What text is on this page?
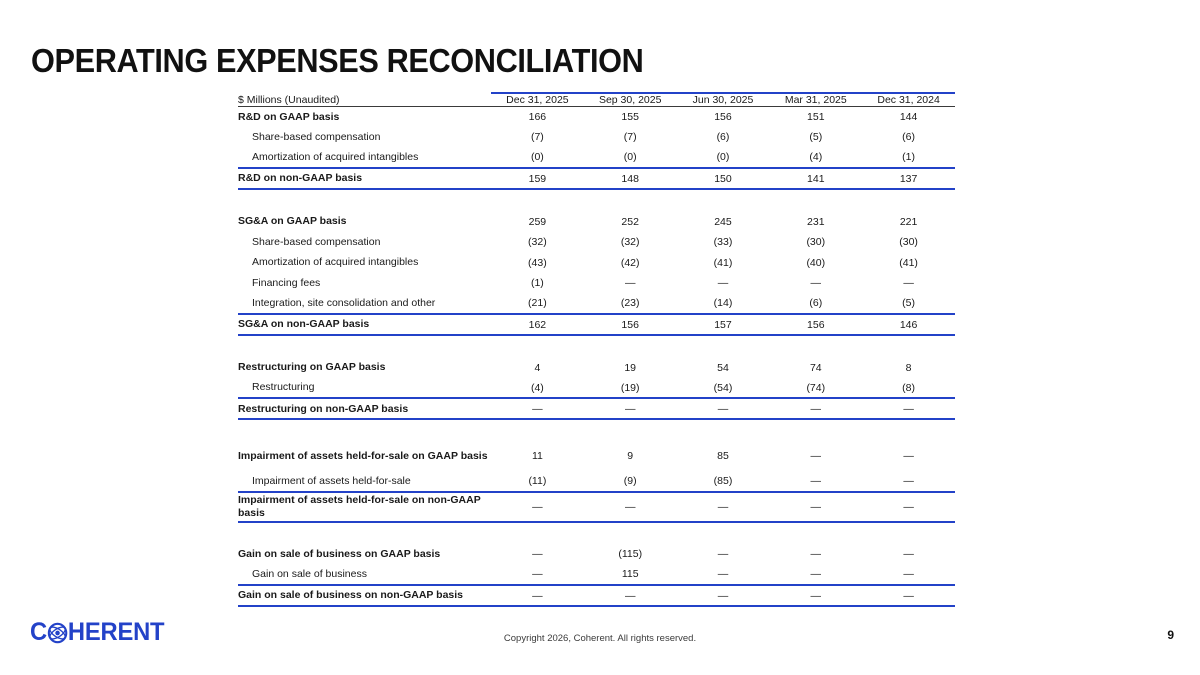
OPERATING EXPENSES RECONCILIATION
$ Millions (Unaudited)	Dec 31, 2025	Sep 30, 2025	Jun 30, 2025	Mar 31, 2025	Dec 31, 2024
R&D on GAAP basis	166	155	156	151	144
Share-based compensation	(7)	(7)	(6)	(5)	(6)
Amortization of acquired intangibles	(0)	(0)	(0)	(4)	(1)
R&D on non-GAAP basis	159	148	150	141	137

SG&A on GAAP basis	259	252	245	231	221
Share-based compensation	(32)	(32)	(33)	(30)	(30)
Amortization of acquired intangibles	(43)	(42)	(41)	(40)	(41)
Financing fees	(1)	—	—	—	—
Integration, site consolidation and other	(21)	(23)	(14)	(6)	(5)
SG&A on non-GAAP basis	162	156	157	156	146

Restructuring on GAAP basis	4	19	54	74	8
Restructuring	(4)	(19)	(54)	(74)	(8)
Restructuring on non-GAAP basis	—	—	—	—	—

Impairment of assets held-for-sale on GAAP basis	11	9	85	—	—
Impairment of assets held-for-sale	(11)	(9)	(85)	—	—
Impairment of assets held-for-sale on non-GAAP basis	—	—	—	—	—

Gain on sale of business on GAAP basis	—	(115)	—	—	—
Gain on sale of business	—	115	—	—	—
Gain on sale of business on non-GAAP basis	—	—	—	—	—
C HERENT	Copyright 2026, Coherent. All rights reserved.	9
